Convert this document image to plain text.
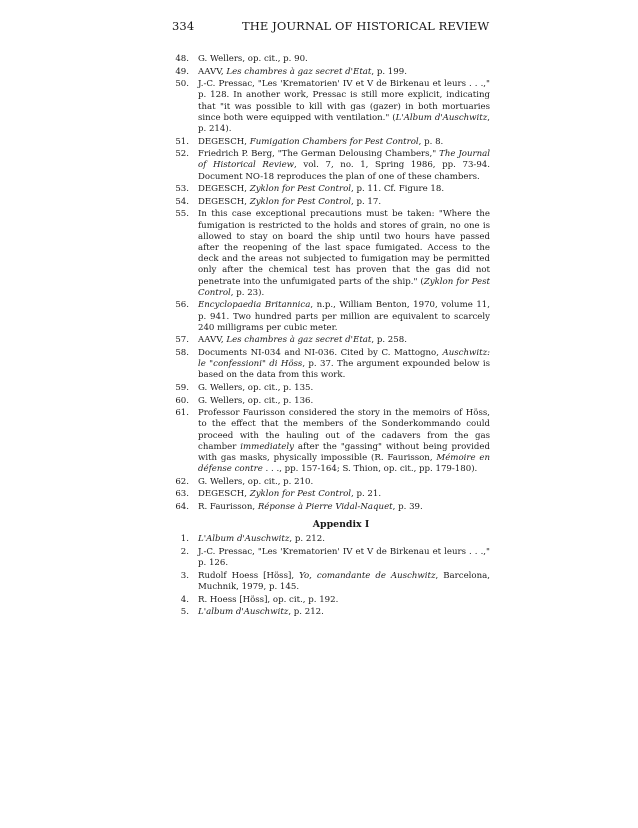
334	THE JOURNAL OF HISTORICAL REVIEW
48.	G. Wellers, op. cit., p. 90.
49.	AAVV, Les chambres à gaz secret d'Etat, p. 199.
50.	J.-C. Pressac, "Les 'Krematorien' IV et V de Birkenau et leurs . . .," p. 128. In another work, Pressac is still more explicit, indicating that "it was possible to kill with gas (gazer) in both mortuaries since both were equipped with ventilation." (L'Album d'Auschwitz, p. 214).
51.	DEGESCH, Fumigation Chambers for Pest Control, p. 8.
52.	Friedrich P. Berg, "The German Delousing Chambers," The Journal of Historical Review, vol. 7, no. 1, Spring 1986, pp. 73-94. Document NO-18 reproduces the plan of one of these chambers.
53.	DEGESCH, Zyklon for Pest Control, p. 11. Cf. Figure 18.
54.	DEGESCH, Zyklon for Pest Control, p. 17.
55.	In this case exceptional precautions must be taken: "Where the fumigation is restricted to the holds and stores of grain, no one is allowed to stay on board the ship until two hours have passed after the reopening of the last space fumigated. Access to the deck and the areas not subjected to fumigation may be permitted only after the chemical test has proven that the gas did not penetrate into the unfumigated parts of the ship." (Zyklon for Pest Control, p. 23).
56.	Encyclopaedia Britannica, n.p., William Benton, 1970, volume 11, p. 941. Two hundred parts per million are equivalent to scarcely 240 milligrams per cubic meter.
57.	AAVV, Les chambres à gaz secret d'Etat, p. 258.
58.	Documents NI-034 and NI-036. Cited by C. Mattogno, Auschwitz: le "confessioni" di Höss, p. 37. The argument expounded below is based on the data from this work.
59.	G. Wellers, op. cit., p. 135.
60.	G. Wellers, op. cit., p. 136.
61.	Professor Faurisson considered the story in the memoirs of Höss, to the effect that the members of the Sonderkommando could proceed with the hauling out of the cadavers from the gas chamber immediately after the "gassing" without being provided with gas masks, physically impossible (R. Faurisson, Mémoire en défense contre . . ., pp. 157-164; S. Thion, op. cit., pp. 179-180).
62.	G. Wellers, op. cit., p. 210.
63.	DEGESCH, Zyklon for Pest Control, p. 21.
64.	R. Faurisson, Réponse à Pierre Vidal-Naquet, p. 39.
Appendix I
1.	L'Album d'Auschwitz, p. 212.
2.	J.-C. Pressac, "Les 'Krematorien' IV et V de Birkenau et leurs . . .," p. 126.
3.	Rudolf Hoess [Höss], Yo, comandante de Auschwitz, Barcelona, Muchnik, 1979, p. 145.
4.	R. Hoess [Höss], op. cit., p. 192.
5.	L'album d'Auschwitz, p. 212.
